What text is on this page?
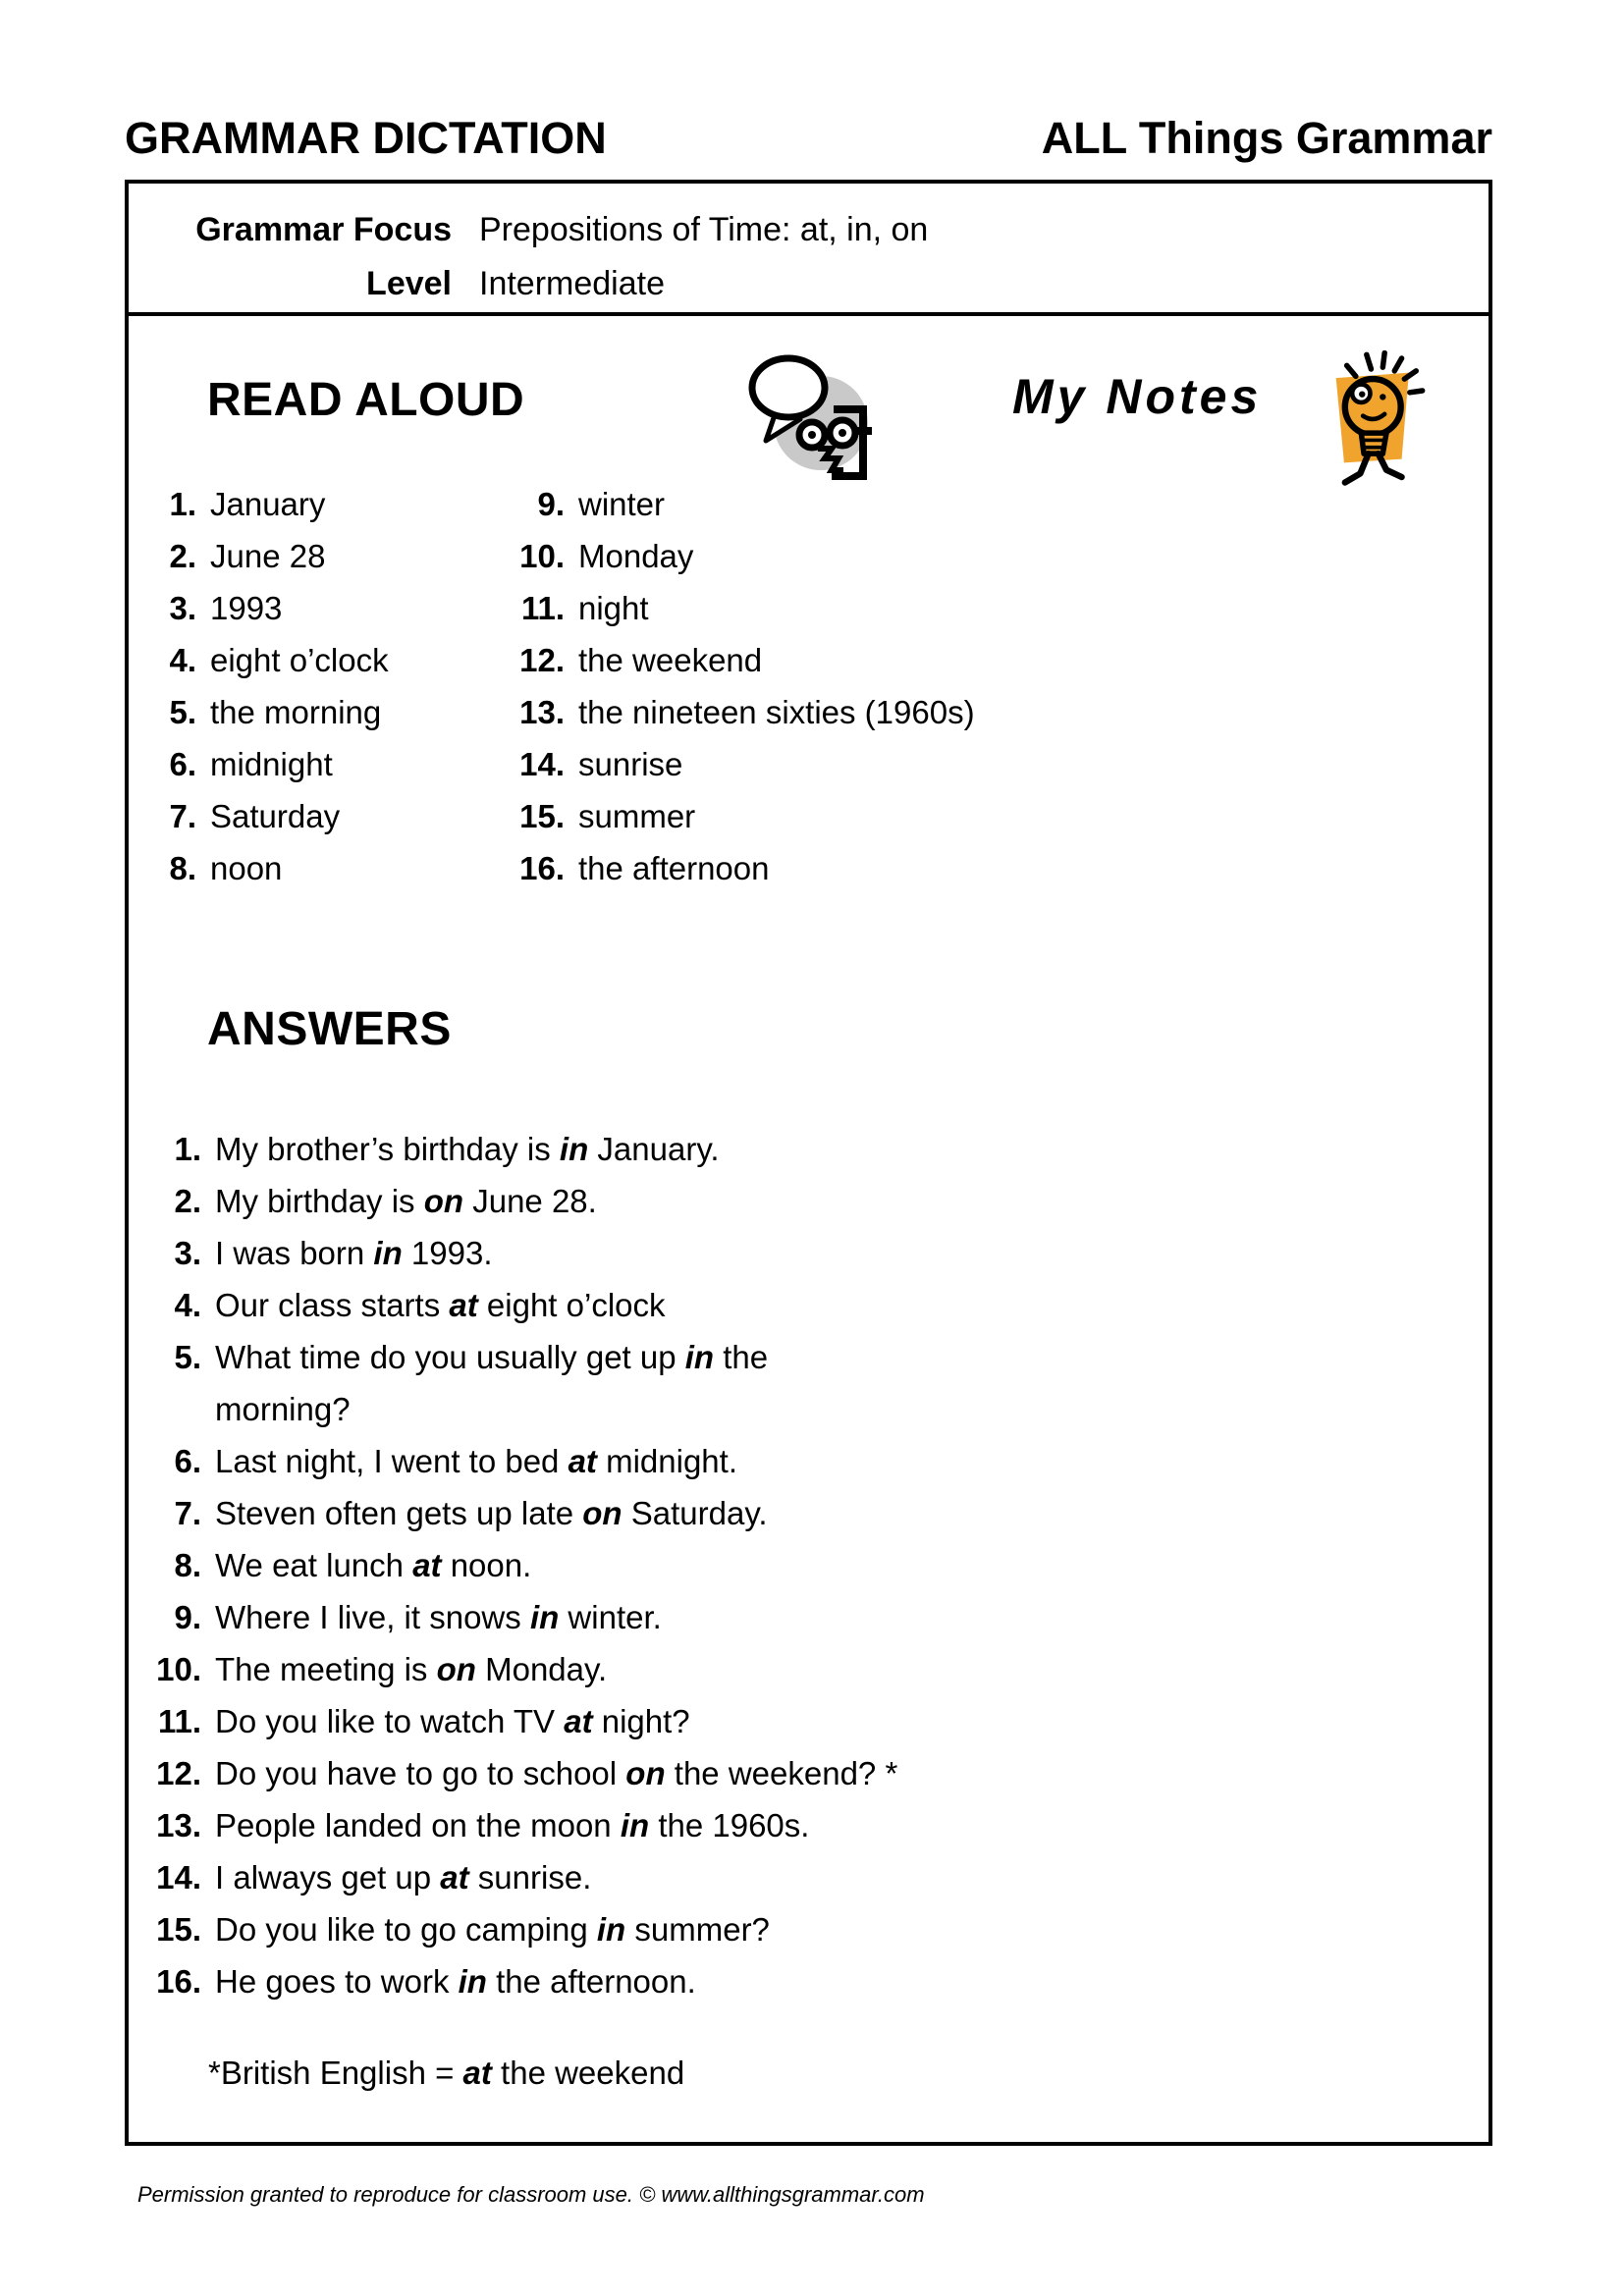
GRAMMAR DICTATION	ALL Things Grammar
Grammar Focus Prepositions of Time: at, in, on
Level Intermediate
READ ALOUD	My Notes
1. January
2. June 28
3. 1993
4. eight o’clock
5. the morning
6. midnight
7. Saturday
8. noon
9. winter
10. Monday
11. night
12. the weekend
13. the nineteen sixties (1960s)
14. sunrise
15. summer
16. the afternoon
ANSWERS
1. My brother’s birthday is in January.
2. My birthday is on June 28.
3. I was born in 1993.
4. Our class starts at eight o’clock
5. What time do you usually get up in the
morning?
6. Last night, I went to bed at midnight.
7. Steven often gets up late on Saturday.
8. We eat lunch at noon.
9. Where I live, it snows in winter.
10. The meeting is on Monday.
11. Do you like to watch TV at night?
12. Do you have to go to school on the weekend? *
13. People landed on the moon in the 1960s.
14. I always get up at sunrise.
15. Do you like to go camping in summer?
16. He goes to work in the afternoon.
*British English = at the weekend
Permission granted to reproduce for classroom use. © www.allthingsgrammar.com
